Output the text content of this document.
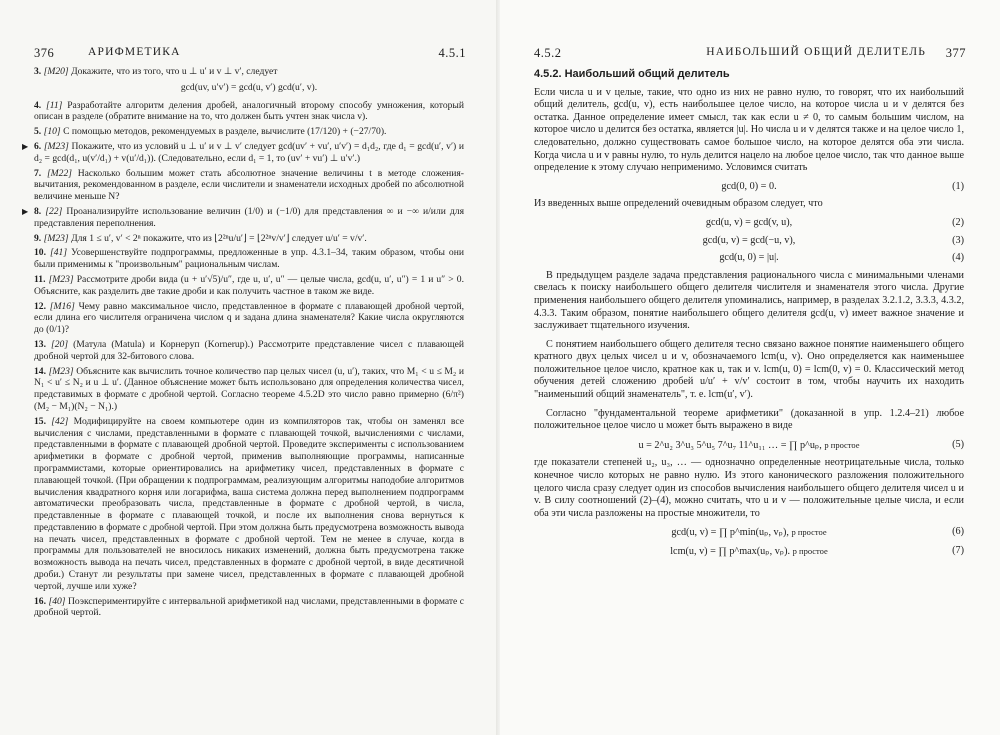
376	АРИФМЕТИКА	4.5.1
3. [M20] Докажите, что из того, что u ⊥ u′ и v ⊥ v′, следует
gcd(uv, u′v′) = gcd(u, v′) gcd(u′, v).
4. [11] Разработайте алгоритм деления дробей, аналогичный второму способу умножения, который описан в разделе (обратите внимание на то, что должен быть учтен знак числа v).
5. [10] С помощью методов, рекомендуемых в разделе, вычислите (17/120) + (−27/70).
▶ 6. [M23] Покажите, что из условий u ⊥ u′ и v ⊥ v′ следует gcd(uv′ + vu′, u′v′) = d₁d₂, где d₁ = gcd(u′, v′) и d₂ = gcd(d₁, u(v′/d₁) + v(u′/d₁)). (Следовательно, если d₁ = 1, то (uv′ + vu′) ⊥ u′v′.)
7. [M22] Насколько большим может стать абсолютное значение величины t в методе сложения-вычитания, рекомендованном в разделе, если числители и знаменатели исходных дробей по абсолютной величине меньше N?
▶ 8. [22] Проанализируйте использование величин (1/0) и (−1/0) для представления ∞ и −∞ и/или для представления переполнения.
9. [M23] Для 1 ≤ u′, v′ < 2ⁿ покажите, что из ⌊2²ⁿu/u′⌋ = ⌊2²ⁿv/v′⌋ следует u/u′ = v/v′.
10. [41] Усовершенствуйте подпрограммы, предложенные в упр. 4.3.1–34, таким образом, чтобы они были применимы к "произвольным" рациональным числам.
11. [M23] Рассмотрите дроби вида (u + u′√5)/u″, где u, u′, u″ — целые числа, gcd(u, u′, u″) = 1 и u″ > 0. Объясните, как разделить две такие дроби и как получить частное в таком же виде.
12. [M16] Чему равно максимальное число, представленное в формате с плавающей дробной чертой, если длина его числителя ограничена числом q и задана длина знаменателя? Какие числа округляются до (0/1)?
13. [20] (Матула (Matula) и Корнеруп (Kornerup).) Рассмотрите представление чисел с плавающей дробной чертой для 32-битового слова.
14. [M23] Объясните как вычислить точное количество пар целых чисел (u, u′), таких, что M₁ < u ≤ M₂ и N₁ < u′ ≤ N₂ и u ⊥ u′. (Данное объяснение может быть использовано для определения количества чисел, представимых в формате с дробной чертой. Согласно теореме 4.5.2D это число равно примерно (6/π²)(M₂ − M₁)(N₂ − N₁).)
15. [42] Модифицируйте на своем компьютере один из компиляторов так, чтобы он заменял все вычисления с числами, представленными в формате с плавающей точкой, вычислениями с числами, представленными в формате с плавающей дробной чертой. Проведите эксперименты с использованием арифметики в формате с дробной чертой, применив выполняющие программы, написанные программистами, которые ориентировались на арифметику чисел, представленных в формате с плавающей точкой. (При обращении к подпрограммам, реализующим алгоритмы наподобие алгоритмов вычисления квадратного корня или логарифма, ваша система должна перед выполнением подпрограмм автоматически преобразовать числа, представленные в формате с дробной чертой, в числа, представленные в формате с плавающей точкой, и после их выполнения снова вернуться к представлению в формате с дробной чертой. При этом должна быть предусмотрена возможность вывода на печать чисел, представленных в формате с дробной чертой. Тем не менее в случае, когда в программы для пользователей не вносилось никаких изменений, должна быть предусмотрена также возможность вывода на печать чисел, представленных в формате с дробной чертой, в виде десятичной дроби.) Станут ли результаты при замене чисел, представленных в формате с плавающей дробной чертой, лучше или хуже?
16. [40] Поэкспериментируйте с интервальной арифметикой над числами, представленными в формате с дробной чертой.
4.5.2	НАИБОЛЬШИЙ ОБЩИЙ ДЕЛИТЕЛЬ 377
4.5.2. Наибольший общий делитель

Если числа u и v целые, такие, что одно из них не равно нулю, то говорят, что их наибольший общий делитель, gcd(u, v), есть наибольшее целое число, на которое числа u и v делятся без остатка. Данное определение имеет смысл, так как если u ≠ 0, то самым большим числом, на которое число u делится без остатка, является |u|. Но числа u и v делятся также и на целое число 1, следовательно, должно существовать самое большое число, на которое делятся оба эти числа. Когда числа u и v равны нулю, то нуль делится нацело на любое целое число, так что данное выше определение к этому случаю неприменимо. Условимся считать

gcd(0, 0) = 0.	(1)

Из введенных выше определений очевидным образом следует, что

gcd(u, v) = gcd(v, u),	(2)
gcd(u, v) = gcd(−u, v),	(3)
gcd(u, 0) = |u|.	(4)

В предыдущем разделе задача представления рационального числа с минимальными членами свелась к поиску наибольшего общего делителя числителя и знаменателя этого числа. Другие применения наибольшего общего делителя упоминались, например, в разделах 3.2.1.2, 3.3.3, 4.3.2, 4.3.3. Таким образом, понятие наибольшего общего делителя gcd(u, v) имеет важное значение и заслуживает тщательного изучения.

С понятием наибольшего общего делителя тесно связано важное понятие наименьшего общего кратного двух целых чисел u и v, обозначаемого lcm(u, v). Оно определяется как наименьшее положительное целое число, кратное как u, так и v. lcm(u, 0) = lcm(0, v) = 0. Классический метод обучения детей сложению дробей u/u′ + v/v′ состоит в том, чтобы научить их находить "наименьший общий знаменатель", т. е. lcm(u′, v′).

Согласно "фундаментальной теореме арифметики" (доказанной в упр. 1.2.4–21) любое положительное целое число u может быть выражено в виде

u = 2^u₂ 3^u₃ 5^u₅ 7^u₇ 11^u₁₁ … = ∏ p^uₚ, p простое	(5)

где показатели степеней u₂, u₃, … — однозначно определенные неотрицательные числа, только конечное число которых не равно нулю. Из этого канонического разложения положительного целого числа сразу следует один из способов вычисления наибольшего общего делителя чисел u и v. В силу соотношений (2)–(4), можно считать, что u и v — положительные целые числа, и если оба эти числа разложены на простые множители, то

gcd(u, v) = ∏ p^min(uₚ, vₚ), p простое	(6)
lcm(u, v) = ∏ p^max(uₚ, vₚ). p простое	(7)
